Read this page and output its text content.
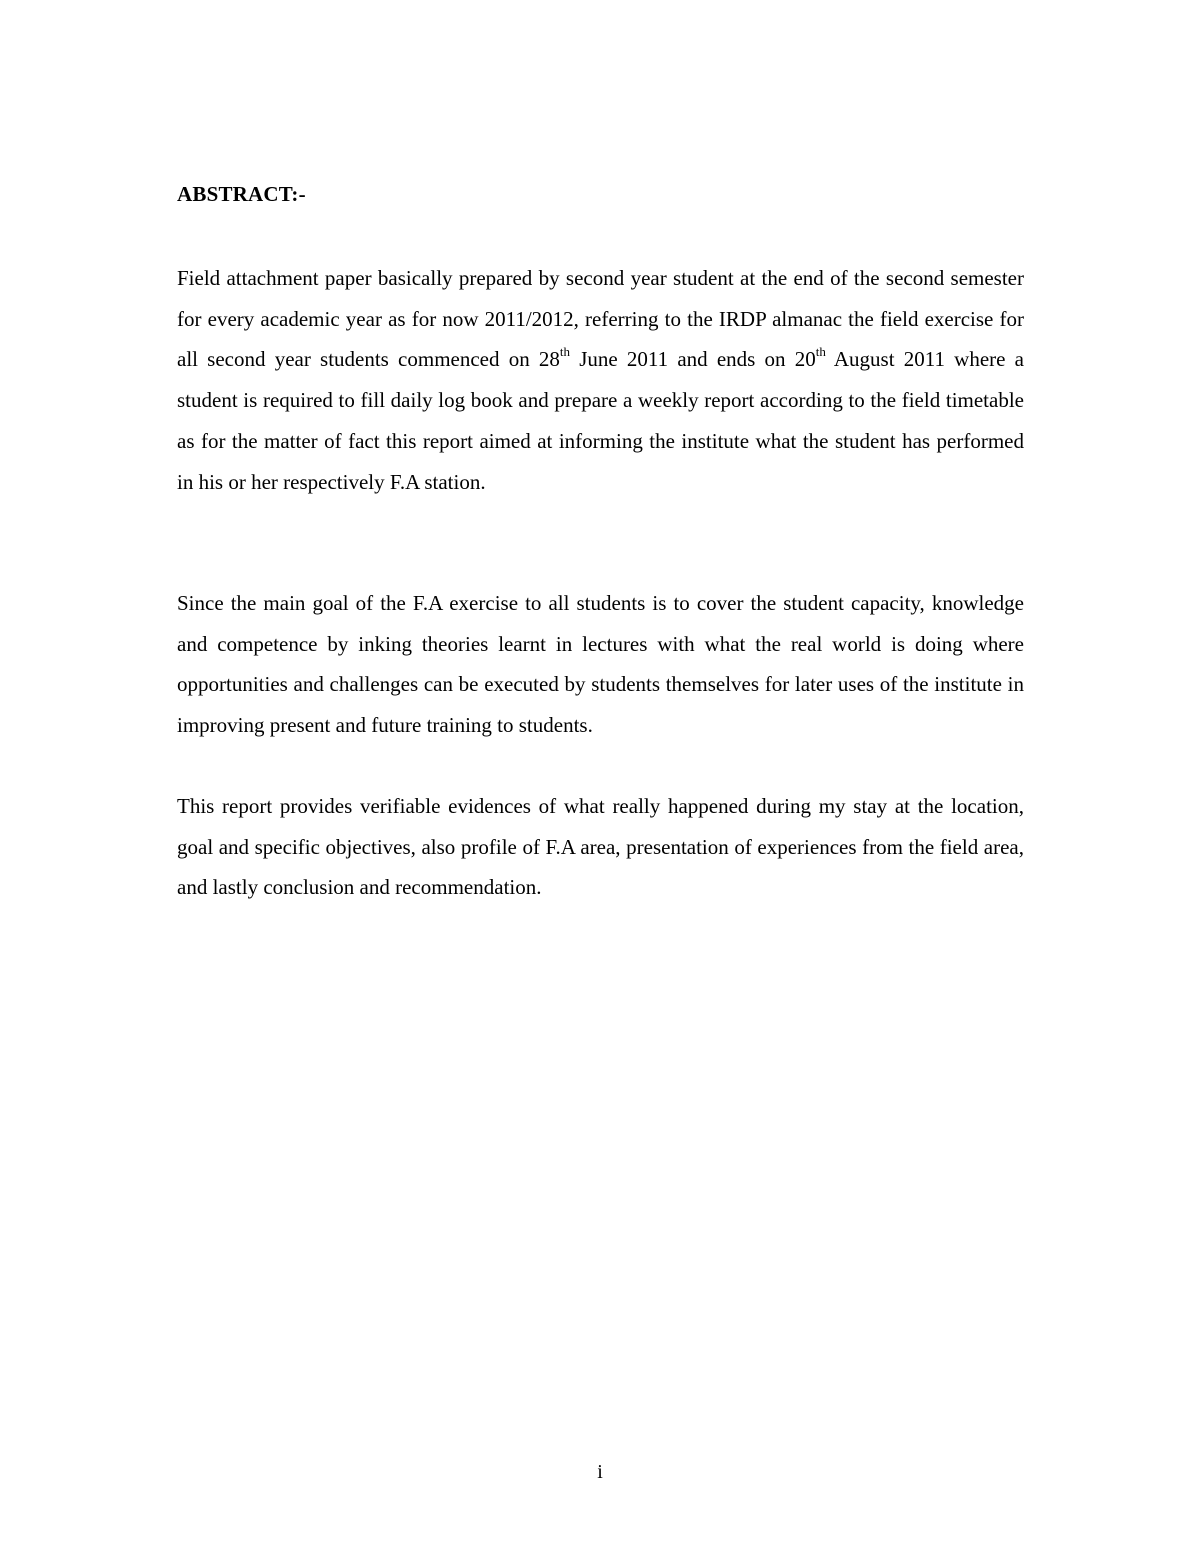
ABSTRACT:-

Field attachment paper basically prepared by second year student at the end of the second semester for every academic year as for now 2011/2012, referring to the IRDP almanac the field exercise for all second year students commenced on 28th June 2011 and ends on 20th August 2011 where a student is required to fill daily log book and prepare a weekly report according to the field timetable as for the matter of fact this report aimed at informing the institute what the student has performed in his or her respectively F.A station.

Since the main goal of the F.A exercise to all students is to cover the student capacity, knowledge and competence by inking theories learnt in lectures with what the real world is doing where opportunities and challenges can be executed by students themselves for later uses of the institute in improving present and future training to students.

This report provides verifiable evidences of what really happened during my stay at the location, goal and specific objectives, also profile of F.A area, presentation of experiences from the field area, and lastly conclusion and recommendation.

i
